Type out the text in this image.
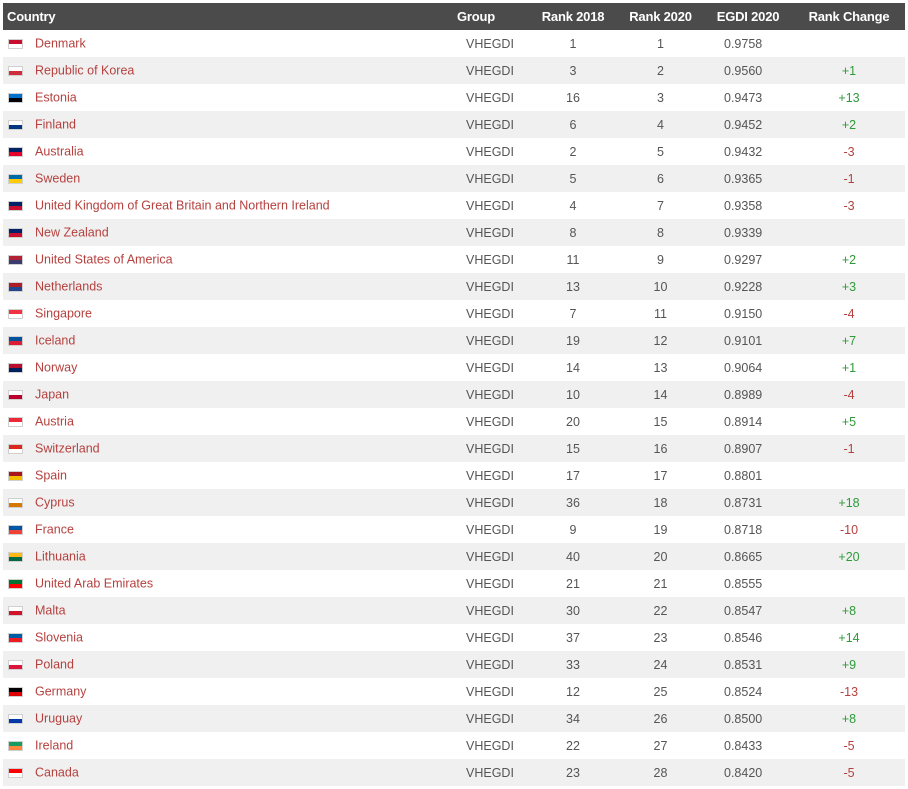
Country	Group	Rank 2018	Rank 2020	EGDI 2020	Rank Change
Denmark	VHEGDI	1	1	0.9758	
Republic of Korea	VHEGDI	3	2	0.9560	+1
Estonia	VHEGDI	16	3	0.9473	+13
Finland	VHEGDI	6	4	0.9452	+2
Australia	VHEGDI	2	5	0.9432	-3
Sweden	VHEGDI	5	6	0.9365	-1
United Kingdom of Great Britain and Northern Ireland	VHEGDI	4	7	0.9358	-3
New Zealand	VHEGDI	8	8	0.9339	
United States of America	VHEGDI	11	9	0.9297	+2
Netherlands	VHEGDI	13	10	0.9228	+3
Singapore	VHEGDI	7	11	0.9150	-4
Iceland	VHEGDI	19	12	0.9101	+7
Norway	VHEGDI	14	13	0.9064	+1
Japan	VHEGDI	10	14	0.8989	-4
Austria	VHEGDI	20	15	0.8914	+5
Switzerland	VHEGDI	15	16	0.8907	-1
Spain	VHEGDI	17	17	0.8801	
Cyprus	VHEGDI	36	18	0.8731	+18
France	VHEGDI	9	19	0.8718	-10
Lithuania	VHEGDI	40	20	0.8665	+20
United Arab Emirates	VHEGDI	21	21	0.8555	
Malta	VHEGDI	30	22	0.8547	+8
Slovenia	VHEGDI	37	23	0.8546	+14
Poland	VHEGDI	33	24	0.8531	+9
Germany	VHEGDI	12	25	0.8524	-13
Uruguay	VHEGDI	34	26	0.8500	+8
Ireland	VHEGDI	22	27	0.8433	-5
Canada	VHEGDI	23	28	0.8420	-5
